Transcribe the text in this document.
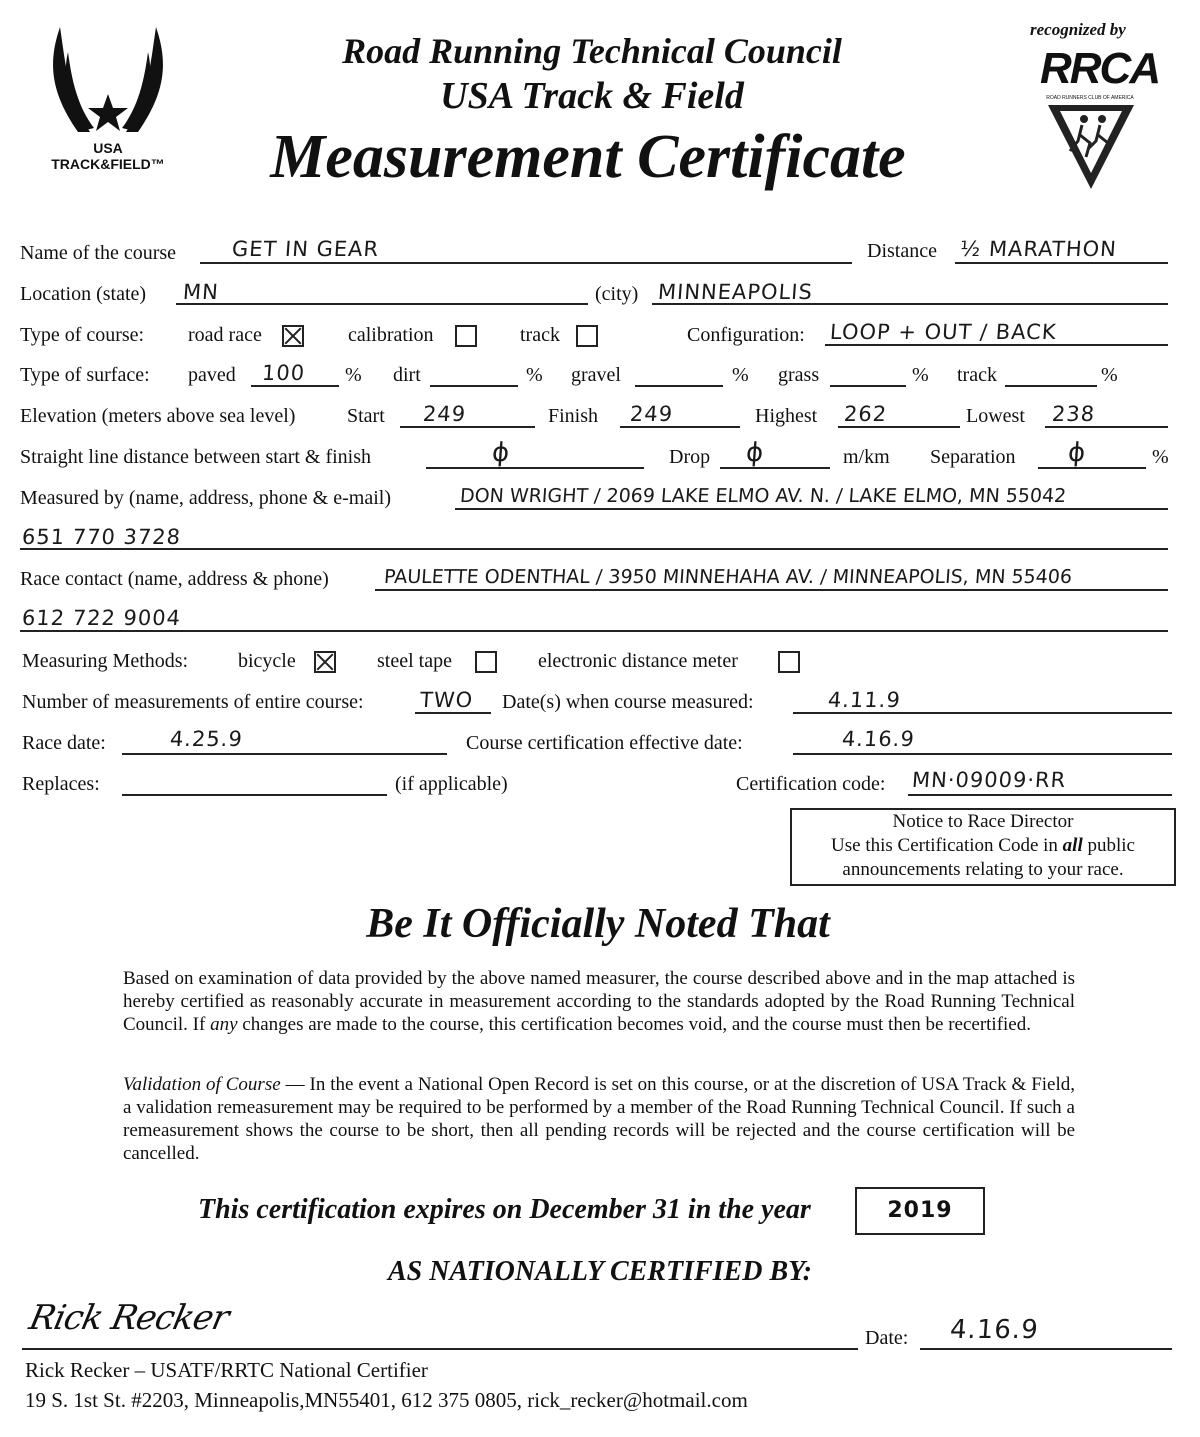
USA TRACK&FIELD™
Road Running Technical Council
USA Track & Field
Measurement Certificate
recognized by
RRCA
ROAD RUNNERS CLUB OF AMERICA
Name of the course	GET IN GEAR	Distance ½ MARATHON
Location (state) MN	(city) MINNEAPOLIS
Type of course: road race	calibration	track	Configuration: LOOP + OUT / BACK
Type of surface: paved 100 % dirt	% gravel	% grass	% track	%
Elevation (meters above sea level)	Start 249	Finish 249	Highest 262	Lowest 238
Straight line distance between start & finish	ɸ	Drop ɸ	m/km Separation ɸ	%
Measured by (name, address, phone & e-mail)	DON WRIGHT / 2069 LAKE ELMO AV. N. / LAKE ELMO, MN 55042
651 770 3728
Race contact (name, address & phone)	PAULETTE ODENTHAL / 3950 MINNEHAHA AV. / MINNEAPOLIS, MN 55406
612 722 9004
Measuring Methods: bicycle	steel tape	electronic distance meter
Number of measurements of entire course:	TWO Date(s) when course measured:	4.11.9
Race date:	4.25.9	Course certification effective date:	4.16.9
Replaces:	(if applicable)	Certification code: MN·09009·RR
Notice to Race Director
Use this Certification Code in all public
announcements relating to your race.
Be It Officially Noted That
Based on examination of data provided by the above named measurer, the course described above and in the map attached is hereby certified as reasonably accurate in measurement according to the standards adopted by the Road Running Technical Council. If any changes are made to the course, this certification becomes void, and the course must then be recertified.
Validation of Course — In the event a National Open Record is set on this course, or at the discretion of USA Track & Field, a validation remeasurement may be required to be performed by a member of the Road Running Technical Council. If such a remeasurement shows the course to be short, then all pending records will be rejected and the course certification will be cancelled.
This certification expires on December 31 in the year	2019
AS NATIONALLY CERTIFIED BY:
Rick Recker	Date: 4.16.9
Rick Recker – USATF/RRTC National Certifier
19 S. 1st St. #2203, Minneapolis,MN55401, 612 375 0805, rick_recker@hotmail.com
